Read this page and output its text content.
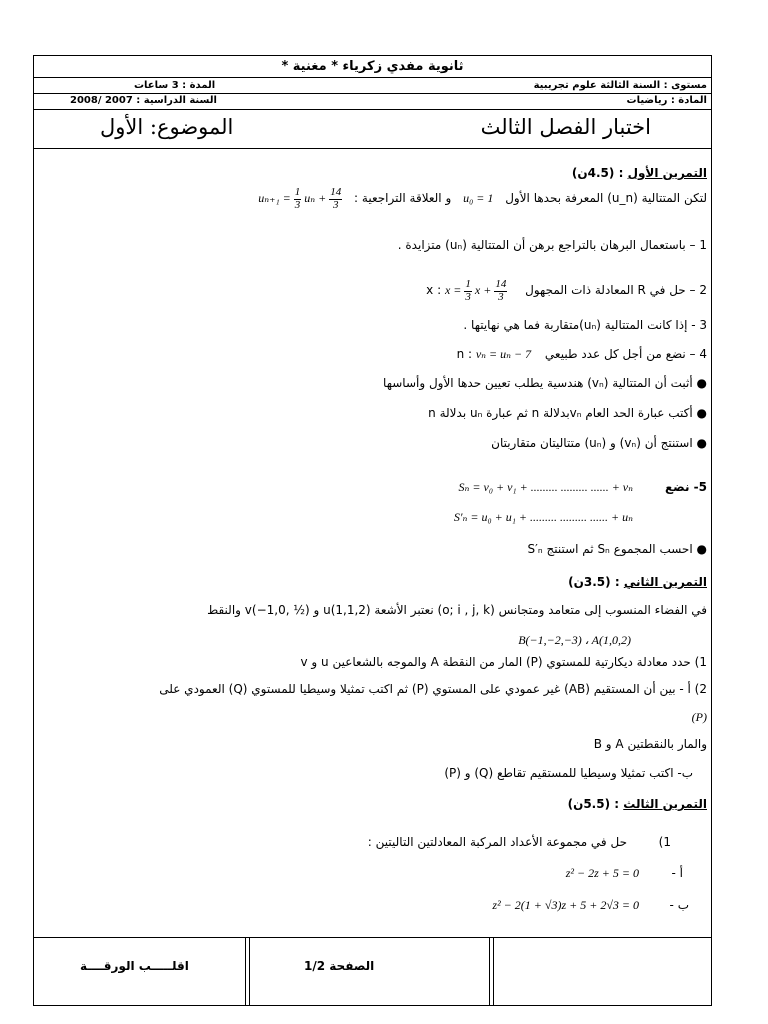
ثانوية مفدي زكرياء * مغنية *
مستوى : السنة الثالثة علوم تجريبية
المدة : 3 ساعات
المادة : رياضيات
2008/ 2007 : السنة الدراسية
اختبار الفصل الثالث
الموضوع: الأول
التمرين الأول : (4.5ن)
لتكن المتتالية (u_n) المعرفة بحدها الأول u₀ = 1 و العلاقة التراجعية : $u_{n+1} = \frac{1}{3}$ $u_n + \frac{14}{3}$
1 – باستعمال البرهان بالتراجع برهن أن المتتالية (uₙ) متزايدة .
2 – حل في R المعادلة ذات المجهول x : $x = \frac{1}{3}$ $x + \frac{14}{3}$
3 - إذا كانت المتتالية (uₙ)متقاربة فما هي نهايتها .
4 – نضع من أجل كل عدد طبيعي n : vₙ = uₙ − 7
● أثبت أن المتتالية (vₙ) هندسية يطلب تعيين حدها الأول وأساسها
● أكتب عبارة الحد العام vₙبدلالة n ثم عبارة uₙ بدلالة n
● استنتج أن (vₙ) و (uₙ) متتاليتان متقاربتان
5- نضع
Sₙ = v₀ + v₁ + ......... ......... ...... + vₙ
S′ₙ = u₀ + u₁ + ......... ......... ...... + uₙ
● احسب المجموع Sₙ ثم استنتج S′ₙ
التمرين الثاني : (3.5ن)
في الفضاء المنسوب إلى متعامد ومتجانس (o; i , j, k) نعتبر الأشعة u(1,1,2) و v(−1,0, ½) والنقط
B(−1,−2,−3) ، A(1,0,2)
1) حدد معادلة ديكارتية للمستوي (P) المار من النقطة A والموجه بالشعاعين u و v
2) أ - بين أن المستقيم (AB) غير عمودي على المستوي (P) ثم اكتب تمثيلا وسيطيا للمستوي (Q) العمودي على
(P)
والمار بالنقطتين A و B
ب- اكتب تمثيلا وسيطيا للمستقيم تقاطع (Q) و (P)
التمرين الثالث : (5.5ن)
1)
حل في مجموعة الأعداد المركبة المعادلتين التاليتين :
أ -
z² − 2z + 5 = 0
ب -
z² − 2(1 + √3)z + 5 + 2√3 = 0
الصفحة 1/2
اقلـــــب الورقــــة
